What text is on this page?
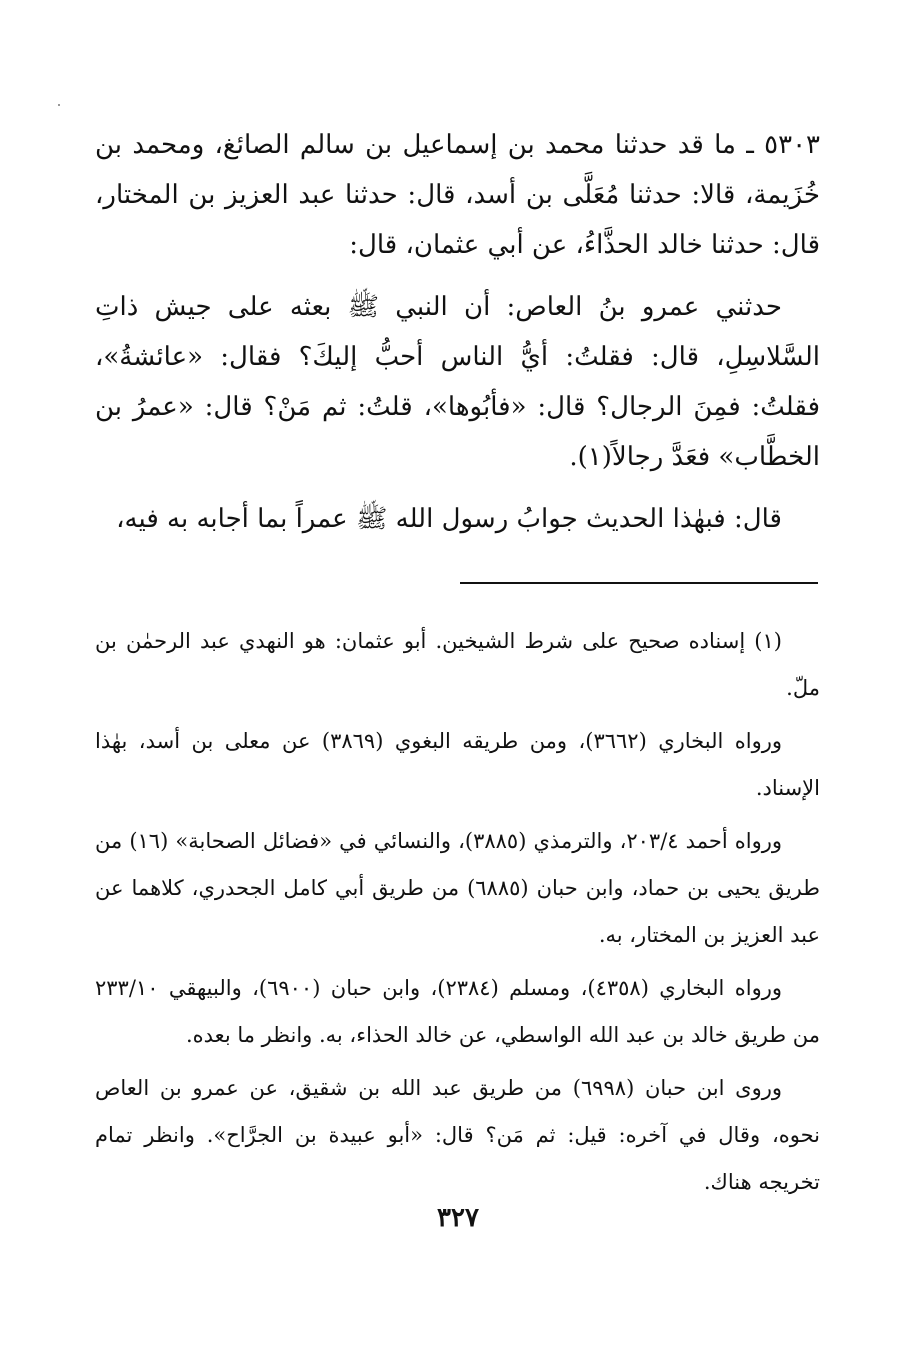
٥٣٠٣ ـ ما قد حدثنا محمد بن إسماعيل بن سالم الصائغ، ومحمد بن خُزَيمة، قالا: حدثنا مُعَلَّى بن أسد، قال: حدثنا عبد العزيز بن المختار، قال: حدثنا خالد الحذَّاءُ، عن أبي عثمان، قال:

حدثني عمرو بنُ العاص: أن النبي ﷺ بعثه على جيش ذاتِ السَّلاسِلِ، قال: فقلتُ: أيُّ الناس أحبُّ إليكَ؟ فقال: «عائشةُ»، فقلتُ: فمِنَ الرجال؟ قال: «فأبُوها»، قلتُ: ثم مَنْ؟ قال: «عمرُ بن الخطَّاب» فعَدَّ رجالاً(١).

قال: فبهٰذا الحديث جوابُ رسول الله ﷺ عمراً بما أجابه به فيه،

(١) إسناده صحيح على شرط الشيخين. أبو عثمان: هو النهدي عبد الرحمٰن بن ملّ.

ورواه البخاري (٣٦٦٢)، ومن طريقه البغوي (٣٨٦٩) عن معلى بن أسد، بهٰذا الإسناد.

ورواه أحمد ٢٠٣/٤، والترمذي (٣٨٨٥)، والنسائي في «فضائل الصحابة» (١٦) من طريق يحيى بن حماد، وابن حبان (٦٨٨٥) من طريق أبي كامل الجحدري، كلاهما عن عبد العزيز بن المختار، به.

ورواه البخاري (٤٣٥٨)، ومسلم (٢٣٨٤)، وابن حبان (٦٩٠٠)، والبيهقي ٢٣٣/١٠ من طريق خالد بن عبد الله الواسطي، عن خالد الحذاء، به. وانظر ما بعده.

وروى ابن حبان (٦٩٩٨) من طريق عبد الله بن شقيق، عن عمرو بن العاص نحوه، وقال في آخره: قيل: ثم مَن؟ قال: «أبو عبيدة بن الجرَّاح». وانظر تمام تخريجه هناك.

٣٢٧
